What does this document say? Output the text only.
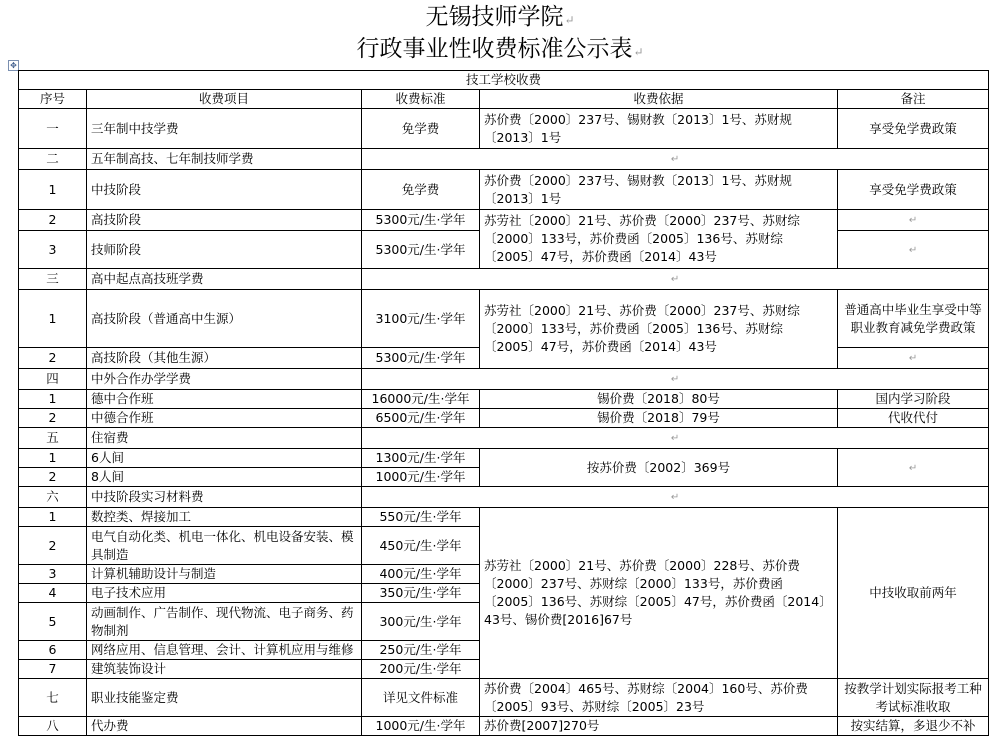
无锡技师学院↵
行政事业性收费标准公示表↵
✥
技工学校收费				
序号	收费项目	收费标准	收费依据	备注
一	三年制中技学费	免学费	苏价费〔2000〕237号、锡财教〔2013〕1号、苏财规〔2013〕1号	享受免学费政策
二	五年制高技、七年制技师学费	↵		
1	中技阶段	免学费	苏价费〔2000〕237号、锡财教〔2013〕1号、苏财规〔2013〕1号	享受免学费政策
2	高技阶段	5300元/生·学年	苏劳社〔2000〕21号、苏价费〔2000〕237号、苏财综〔2000〕133号，苏价费函〔2005〕136号、苏财综〔2005〕47号，苏价费函〔2014〕43号	↵
3	技师阶段	5300元/生·学年		↵
三	高中起点高技班学费	↵		
1	高技阶段（普通高中生源）	3100元/生·学年	苏劳社〔2000〕21号、苏价费〔2000〕237号、苏财综〔2000〕133号，苏价费函〔2005〕136号、苏财综〔2005〕47号，苏价费函〔2014〕43号	普通高中毕业生享受中等职业教育减免学费政策
2	高技阶段（其他生源）	5300元/生·学年		↵
四	中外合作办学学费	↵		
1	德中合作班	16000元/生·学年	锡价费〔2018〕80号	国内学习阶段
2	中德合作班	6500元/生·学年	锡价费〔2018〕79号	代收代付
五	住宿费	↵		
1	6人间	1300元/生·学年	按苏价费〔2002〕369号	↵
2	8人间	1000元/生·学年		
六	中技阶段实习材料费	↵		
1	数控类、焊接加工	550元/生·学年	苏劳社〔2000〕21号、苏价费〔2000〕228号、苏价费〔2000〕237号、苏财综〔2000〕133号，苏价费函〔2005〕136号、苏财综〔2005〕47号，苏价费函〔2014〕43号、锡价费[2016]67号	中技收取前两年
2	电气自动化类、机电一体化、机电设备安装、模具制造	450元/生·学年		
3	计算机辅助设计与制造	400元/生·学年		
4	电子技术应用	350元/生·学年		
5	动画制作、广告制作、现代物流、电子商务、药物制剂	300元/生·学年		
6	网络应用、信息管理、会计、计算机应用与维修	250元/生·学年		
7	建筑装饰设计	200元/生·学年		
七	职业技能鉴定费	详见文件标准	苏价费〔2004〕465号、苏财综〔2004〕160号、苏价费〔2005〕93号、苏财综〔2005〕23号	按教学计划实际报考工种考试标准收取
八	代办费	1000元/生·学年	苏价费[2007]270号	按实结算，多退少不补
